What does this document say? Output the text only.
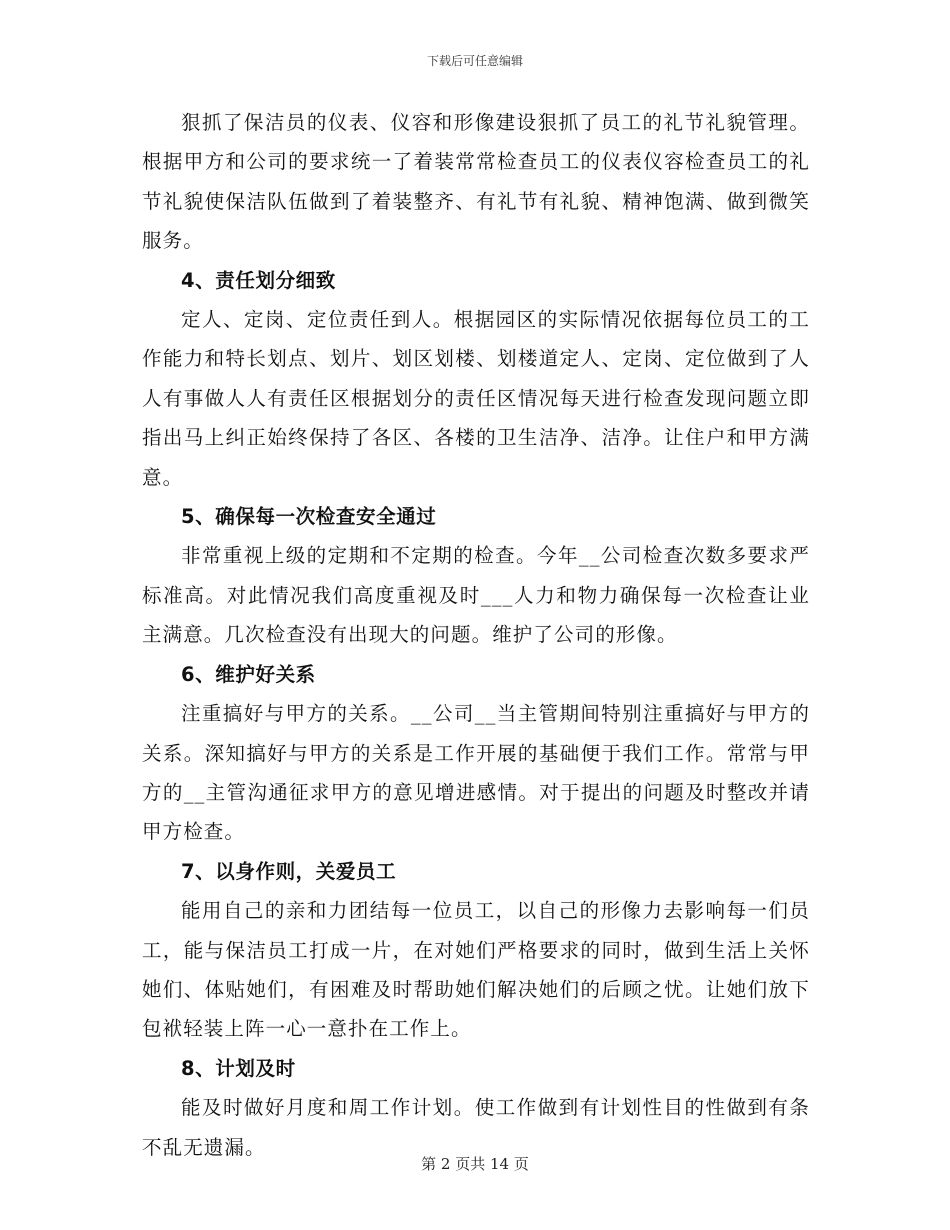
下载后可任意编辑

狠抓了保洁员的仪表、仪容和形像建设狠抓了员工的礼节礼貌管理。根据甲方和公司的要求统一了着装常常检查员工的仪表仪容检查员工的礼节礼貌使保洁队伍做到了着装整齐、有礼节有礼貌、精神饱满、做到微笑服务。

4、责任划分细致

定人、定岗、定位责任到人。根据园区的实际情况依据每位员工的工作能力和特长划点、划片、划区划楼、划楼道定人、定岗、定位做到了人人有事做人人有责任区根据划分的责任区情况每天进行检查发现问题立即指出马上纠正始终保持了各区、各楼的卫生洁净、洁净。让住户和甲方满意。

5、确保每一次检查安全通过

非常重视上级的定期和不定期的检查。今年__公司检查次数多要求严标准高。对此情况我们高度重视及时___人力和物力确保每一次检查让业主满意。几次检查没有出现大的问题。维护了公司的形像。

6、维护好关系

注重搞好与甲方的关系。__公司__当主管期间特别注重搞好与甲方的关系。深知搞好与甲方的关系是工作开展的基础便于我们工作。常常与甲方的__主管沟通征求甲方的意见增进感情。对于提出的问题及时整改并请甲方检查。

7、以身作则，关爱员工

能用自己的亲和力团结每一位员工，以自己的形像力去影响每一们员工，能与保洁员工打成一片，在对她们严格要求的同时，做到生活上关怀她们、体贴她们，有困难及时帮助她们解决她们的后顾之忧。让她们放下包袱轻装上阵一心一意扑在工作上。

8、计划及时

能及时做好月度和周工作计划。使工作做到有计划性目的性做到有条不乱无遗漏。

第 2 页共 14 页
